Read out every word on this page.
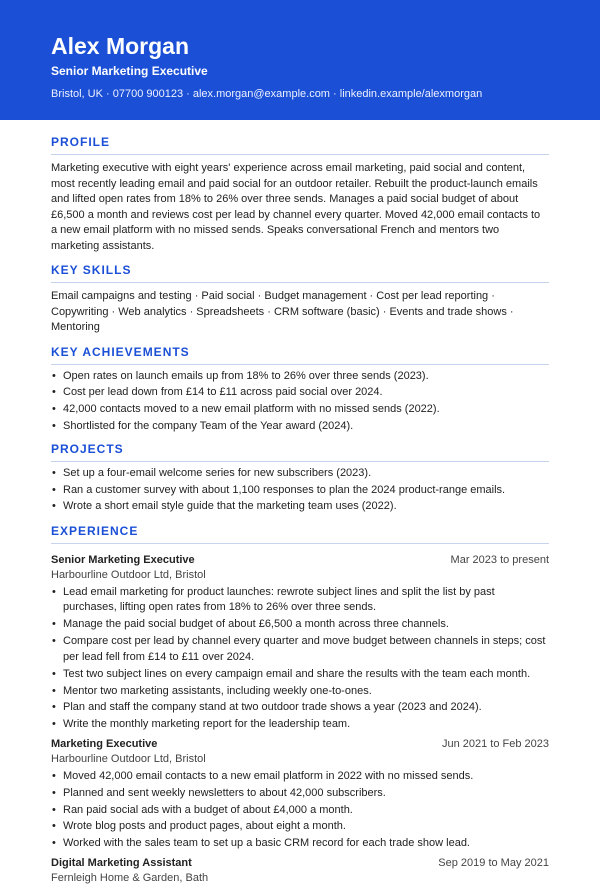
Alex Morgan
Senior Marketing Executive
Bristol, UK · 07700 900123 · alex.morgan@example.com · linkedin.example/alexmorgan
PROFILE
Marketing executive with eight years' experience across email marketing, paid social and content, most recently leading email and paid social for an outdoor retailer. Rebuilt the product-launch emails and lifted open rates from 18% to 26% over three sends. Manages a paid social budget of about £6,500 a month and reviews cost per lead by channel every quarter. Moved 42,000 email contacts to a new email platform with no missed sends. Speaks conversational French and mentors two marketing assistants.
KEY SKILLS
Email campaigns and testing · Paid social · Budget management · Cost per lead reporting · Copywriting · Web analytics · Spreadsheets · CRM software (basic) · Events and trade shows · Mentoring
KEY ACHIEVEMENTS
• Open rates on launch emails up from 18% to 26% over three sends (2023).
• Cost per lead down from £14 to £11 across paid social over 2024.
• 42,000 contacts moved to a new email platform with no missed sends (2022).
• Shortlisted for the company Team of the Year award (2024).
PROJECTS
• Set up a four-email welcome series for new subscribers (2023).
• Ran a customer survey with about 1,100 responses to plan the 2024 product-range emails.
• Wrote a short email style guide that the marketing team uses (2022).
EXPERIENCE
Senior Marketing Executive	Mar 2023 to present
Harbourline Outdoor Ltd, Bristol
• Lead email marketing for product launches: rewrote subject lines and split the list by past purchases, lifting open rates from 18% to 26% over three sends.
• Manage the paid social budget of about £6,500 a month across three channels.
• Compare cost per lead by channel every quarter and move budget between channels in steps; cost per lead fell from £14 to £11 over 2024.
• Test two subject lines on every campaign email and share the results with the team each month.
• Mentor two marketing assistants, including weekly one-to-ones.
• Plan and staff the company stand at two outdoor trade shows a year (2023 and 2024).
• Write the monthly marketing report for the leadership team.
Marketing Executive	Jun 2021 to Feb 2023
Harbourline Outdoor Ltd, Bristol
• Moved 42,000 email contacts to a new email platform in 2022 with no missed sends.
• Planned and sent weekly newsletters to about 42,000 subscribers.
• Ran paid social ads with a budget of about £4,000 a month.
• Wrote blog posts and product pages, about eight a month.
• Worked with the sales team to set up a basic CRM record for each trade show lead.
Digital Marketing Assistant	Sep 2019 to May 2021
Fernleigh Home & Garden, Bath
